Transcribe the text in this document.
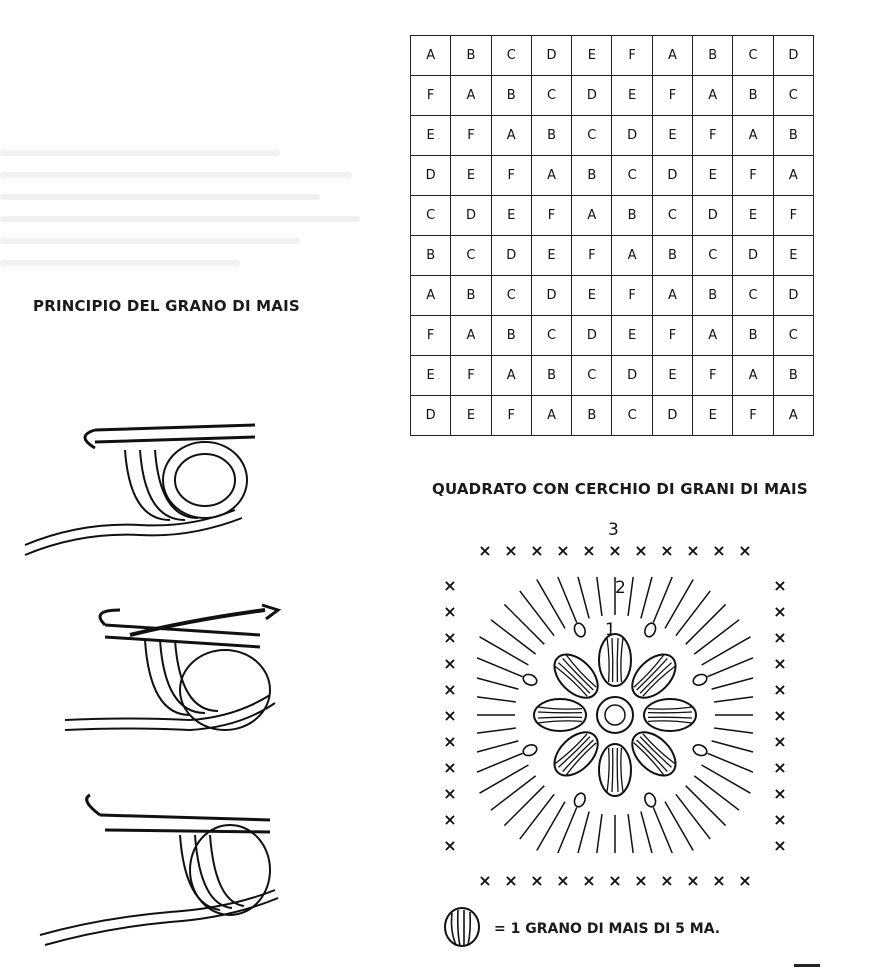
PRINCIPIO DEL GRANO DI MAIS
QUADRATO CON CERCHIO DI GRANI DI MAIS
A	B	C	D	E	F	A	B	C	D
F	A	B	C	D	E	F	A	B	C
E	F	A	B	C	D	E	F	A	B
D	E	F	A	B	C	D	E	F	A
C	D	E	F	A	B	C	D	E	F
B	C	D	E	F	A	B	C	D	E
A	B	C	D	E	F	A	B	C	D
F	A	B	C	D	E	F	A	B	C
E	F	A	B	C	D	E	F	A	B
D	E	F	A	B	C	D	E	F	A
3
2
1
×
×
×	×
×
×
×	×
×
×
×	×
×
×
×	×
×
×
×	×
×
×
×	×
×
×
×	×
×
×
×	×
×
×
×	×
×
×
×	×
×
×
×	×
= 1 GRANO DI MAIS DI 5 MA.
